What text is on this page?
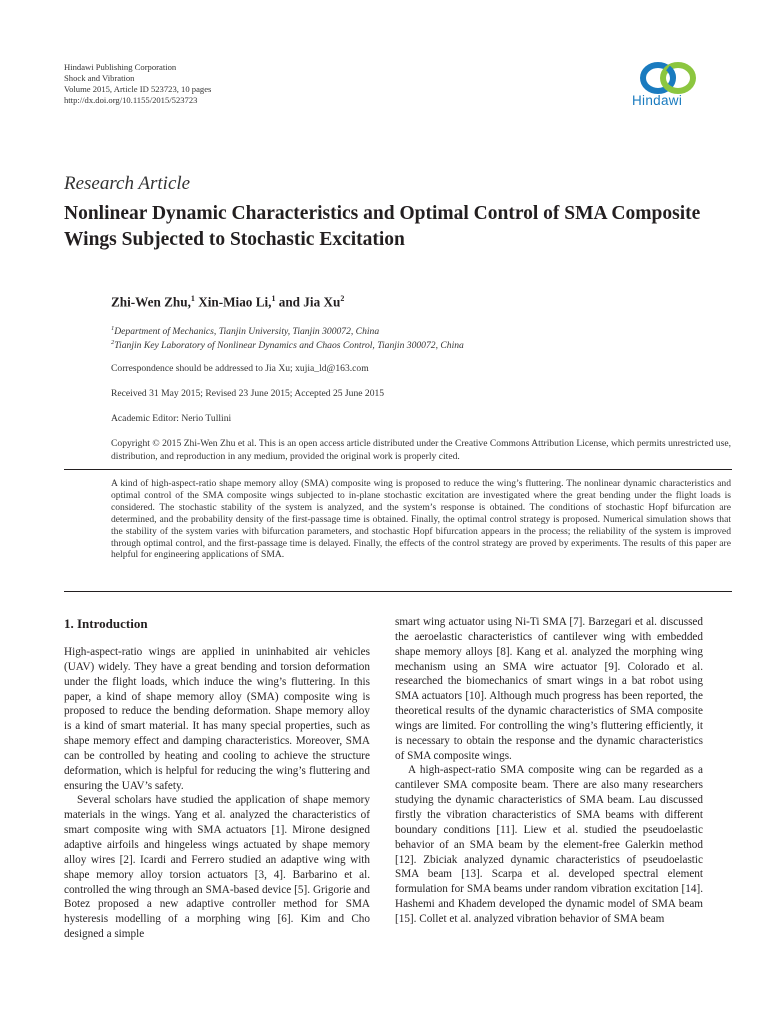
Hindawi Publishing Corporation
Shock and Vibration
Volume 2015, Article ID 523723, 10 pages
http://dx.doi.org/10.1155/2015/523723	Hindawi
Research Article
Nonlinear Dynamic Characteristics and Optimal Control of SMA Composite Wings Subjected to Stochastic Excitation
Zhi-Wen Zhu,$^1$ Xin-Miao Li,$^1$ and Jia Xu$^2$
$^1$Department of Mechanics, Tianjin University, Tianjin 300072, China
$^2$Tianjin Key Laboratory of Nonlinear Dynamics and Chaos Control, Tianjin 300072, China
Correspondence should be addressed to Jia Xu; xujia_ld@163.com
Received 31 May 2015; Revised 23 June 2015; Accepted 25 June 2015
Academic Editor: Nerio Tullini
Copyright © 2015 Zhi-Wen Zhu et al. This is an open access article distributed under the Creative Commons Attribution License, which permits unrestricted use, distribution, and reproduction in any medium, provided the original work is properly cited.
A kind of high-aspect-ratio shape memory alloy (SMA) composite wing is proposed to reduce the wing’s fluttering. The nonlinear dynamic characteristics and optimal control of the SMA composite wings subjected to in-plane stochastic excitation are investigated where the great bending under the flight loads is considered. The stochastic stability of the system is analyzed, and the system’s response is obtained. The conditions of stochastic Hopf bifurcation are determined, and the probability density of the first-passage time is obtained. Finally, the optimal control strategy is proposed. Numerical simulation shows that the stability of the system varies with bifurcation parameters, and stochastic Hopf bifurcation appears in the process; the reliability of the system is improved through optimal control, and the first-passage time is delayed. Finally, the effects of the control strategy are proved by experiments. The results of this paper are helpful for engineering applications of SMA.
1. Introduction

High-aspect-ratio wings are applied in uninhabited air vehicles (UAV) widely. They have a great bending and torsion deformation under the flight loads, which induce the wing’s fluttering. In this paper, a kind of shape memory alloy (SMA) composite wing is proposed to reduce the bending deformation. Shape memory alloy is a kind of smart material. It has many special properties, such as shape memory effect and damping characteristics. Moreover, SMA can be controlled by heating and cooling to achieve the structure deformation, which is helpful for reducing the wing’s fluttering and ensuring the UAV’s safety.

Several scholars have studied the application of shape memory materials in the wings. Yang et al. analyzed the characteristics of smart composite wing with SMA actuators [1]. Mirone designed adaptive airfoils and hingeless wings actuated by shape memory alloy wires [2]. Icardi and Ferrero studied an adaptive wing with shape memory alloy torsion actuators [3, 4]. Barbarino et al. controlled the wing through an SMA-based device [5]. Grigorie and Botez proposed a new adaptive controller method for SMA hysteresis modelling of a morphing wing [6]. Kim and Cho designed a simple

smart wing actuator using Ni-Ti SMA [7]. Barzegari et al. discussed the aeroelastic characteristics of cantilever wing with embedded shape memory alloys [8]. Kang et al. analyzed the morphing wing mechanism using an SMA wire actuator [9]. Colorado et al. researched the biomechanics of smart wings in a bat robot using SMA actuators [10]. Although much progress has been reported, the theoretical results of the dynamic characteristics of SMA composite wings are limited. For controlling the wing’s fluttering efficiently, it is necessary to obtain the response and the dynamic characteristics of SMA composite wings.

A high-aspect-ratio SMA composite wing can be regarded as a cantilever SMA composite beam. There are also many researchers studying the dynamic characteristics of SMA beam. Lau discussed firstly the vibration characteristics of SMA beams with different boundary conditions [11]. Liew et al. studied the pseudoelastic behavior of an SMA beam by the element-free Galerkin method [12]. Zbiciak analyzed dynamic characteristics of pseudoelastic SMA beam [13]. Scarpa et al. developed spectral element formulation for SMA beams under random vibration excitation [14]. Hashemi and Khadem developed the dynamic model of SMA beam [15]. Collet et al. analyzed vibration behavior of SMA beam
